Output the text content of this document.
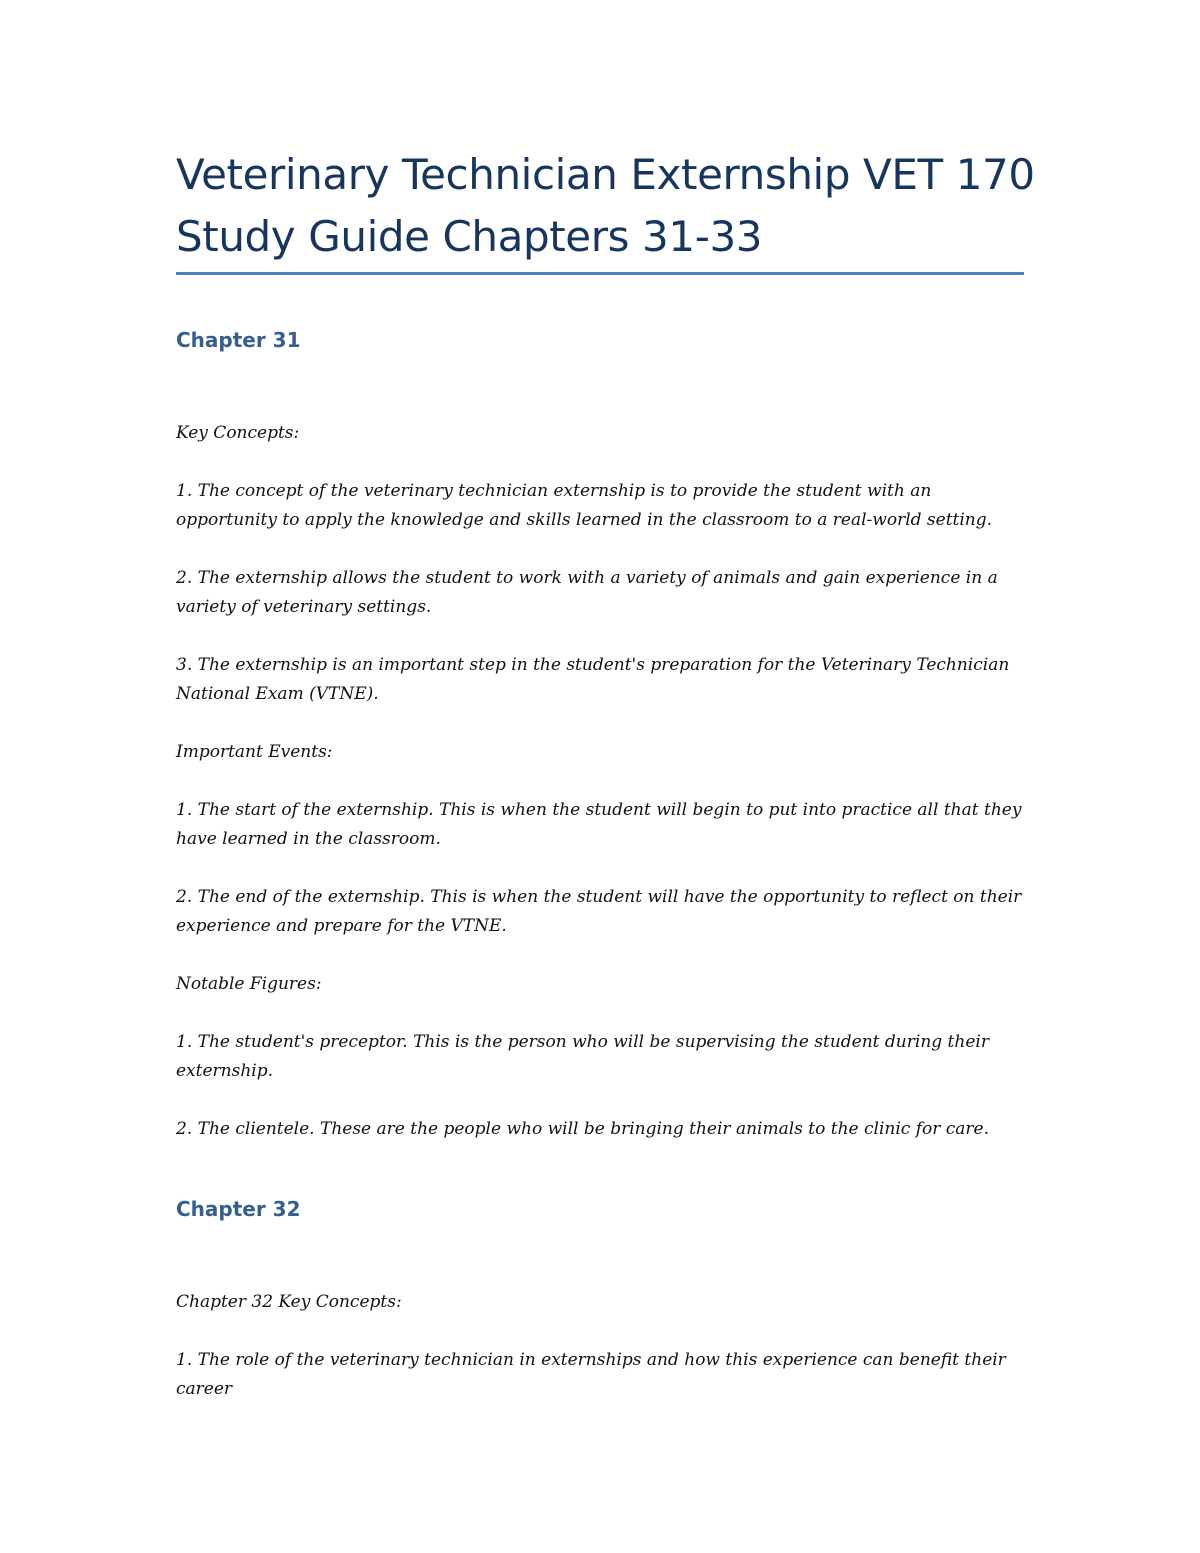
Veterinary Technician Externship VET 170 Study Guide Chapters 31-33
Chapter 31

Key Concepts:

1. The concept of the veterinary technician externship is to provide the student with an opportunity to apply the knowledge and skills learned in the classroom to a real-world setting.

2. The externship allows the student to work with a variety of animals and gain experience in a variety of veterinary settings.

3. The externship is an important step in the student's preparation for the Veterinary Technician National Exam (VTNE).

Important Events:

1. The start of the externship. This is when the student will begin to put into practice all that they have learned in the classroom.

2. The end of the externship. This is when the student will have the opportunity to reflect on their experience and prepare for the VTNE.

Notable Figures:

1. The student's preceptor. This is the person who will be supervising the student during their externship.

2. The clientele. These are the people who will be bringing their animals to the clinic for care.

Chapter 32

Chapter 32 Key Concepts:

1. The role of the veterinary technician in externships and how this experience can benefit their career
